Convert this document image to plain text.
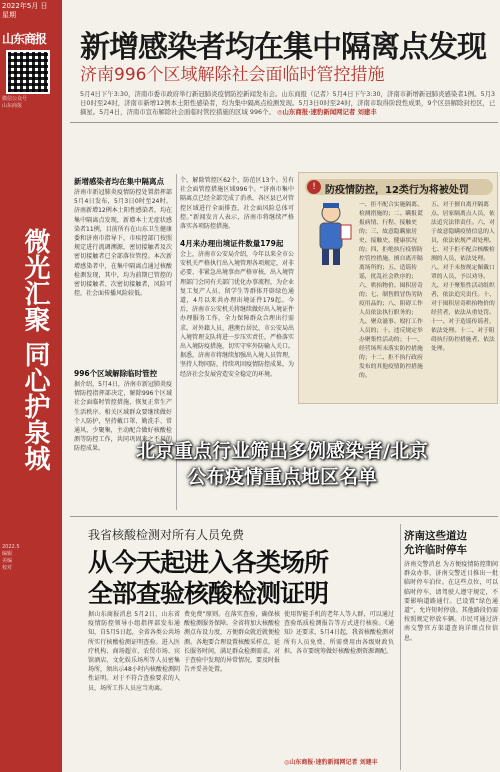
2022年5月 日
星期
山东商报
微信公众号
山东商报
微光汇聚 同心护泉城
2022.5
编辑
美编
校对
新增感染者均在集中隔离点发现
济南996个区域解除社会面临时管控措施
5月4日下午3:30，济南市委市政府举行新冠肺炎疫情防控新闻发布会。山东商报（记者）5月4日下午3:30，济南市新增新冠肺炎感染者1例。5月3日0时至24时，济南市新增12例本土阳性感染者，均为集中隔离点检测发现。5月3日0时至24时，济南市取得阶段性成果，9个区县解除封控区，已摘星。5月4日，济南市宣布解除社会面临时管控措施的区域 996个。 ◎山东商报·速豹新闻网记者 刘建丰
新增感染者均在集中隔离点
济南市新冠肺炎疫情防控处置指挥部5月4日发布，5月3日0时至24时，济南新增12例本土阳性感染者，均在集中隔离点发现，新增本土无症状感染者11例，目前所有在山东卫生健康委和济南市指导下，市疾控部门按照规定进行流调溯源，密切接触者及次密切接触者已全部落位管控。本次新增感染者中，在集中隔离点通过核酸检测发现，其中，均为前期已管控的密切接触者、次密切接触者，风险可控，社会面传播风险较低。
996个区域解除临时管控
据介绍，5月4日，济南市新冠肺炎疫情防控指挥部决定，解除996个区域社会面临时管控措施，恢复正常生产生活秩序。相关区域群众要继续做好个人防护，坚持戴口罩、勤洗手、常通风、少聚集，主动配合做好核酸检测等防控工作，共同巩固来之不易的防控成果。
个，解除管控区62个，防范区13个。另有社会面管控措施区域996个。“济南市集中隔离点已经全部完成了消杀，各区县已对管控区域进行全面排查，社会面风险总体可控。”新闻发言人表示，济南市将继续严格落实各项防控措施。
4月来办理出境证件数量179起
会上，济南市公安局介绍，今年以来全市公安机关严格执行出入境管理各项规定，对非必要、非紧急出境事由严格审核，出入境管理部门会同有关部门优化办事流程，为企业复工复产人员、留学生等群体开辟绿色通道，4月以来共办理出境证件179起。今后，济南市公安机关将继续做好出入境证件办理服务工作，全力保障群众合理出行需求。对外籍人员、港澳台居民，市公安局出入境管理支队将进一步压实责任，严格落实出入境防疫措施，切实守牢外防输入关口。据悉，济南市将继续加强出入境人员管理，坚持人物同防，持续巩固疫情防控成果，为经济社会发展营造安全稳定的环境。
! 防疫情防控，12类行为将被处罚
一、拒不配合实施隔离、检测措施的；二、瞒报谎报病情、行程、接触史的；三、故意隐瞒旅居史、接触史、健康状况的；四、拒绝执行疫情防控管控措施，擅自离开隔离场所的；五、造谣传谣，扰乱社会秩序的；六、哄抬物价、囤积居奇的；七、制售假冒伪劣防疫用品的；八、阻碍工作人员依法执行职务的；九、聚众滋事、殴打工作人员的；十、违反规定举办聚集性活动的；十一、经营场所未落实防控措施的；十二、拒不执行政府发布的其他疫情防控措施的。
五、对于擅自离开隔离点、居家隔离点人员，依法追究法律责任。六、对于故意隐瞒疫情信息的人员，依法依规严肃处理。七、对于拒不配合核酸检测的人员，依法处理。八、对于未按规定佩戴口罩的人员，予以劝导。九、对于聚集性活动组织者，依法追究责任。十、对于囤积居奇哄抬物价的经营者，依法从重处罚。十一、对于造谣传谣者，依法处理。十二、对于阻碍执行防控措施者，依法处理。
北京重点行业筛出多例感染者/北京
公布疫情重点地区名单
我省核酸检测对所有人员免费
从今天起进入各类场所
全部查验核酸检测证明
据山东商报消息 5月2日，山东省疫情防控领导小组指挥部发布通知，自5月5日起，全省各类公共场所实行核酸检测证明查验。进入医疗机构、商场超市、农贸市场、宾馆酒店、文化娱乐场所等人员密集场所，须出示48小时内核酸检测阴性证明。对于不符合查验要求的人员，场所工作人员应当劝离。
费免费”原则。在落实查验，确保核酸检测服务保障。全省将加大核酸检测点布设力度，方便群众就近就便检测。各地要合理设置核酸采样点，延长服务时间，满足群众检测需求。对于查验中发现的异常情况，要及时报告并妥善处置。
使用智能手机的老年人等人群，可以通过查验纸质检测报告等方式进行核验。《通知》还要求，5月4日起，我省核酸检测对所有人员免费，所需费用由各级财政负担。各市要统筹做好核酸检测资源调配。
◎山东商报·速豹新闻网记者 刘建丰
济南这些道边
允许临时停车
济南交警消息 为方便疫情防控期间群众办事，济南交警近日推出一批临时停车泊位。在这些点位，可以临时停车，请驾驶人遵守规定，不要影响道路通行。已设置“绿色通道”，允许短时停放。其他路段仍需按照规定停放车辆。市民可通过济南交警官方渠道查询详细点位信息。
